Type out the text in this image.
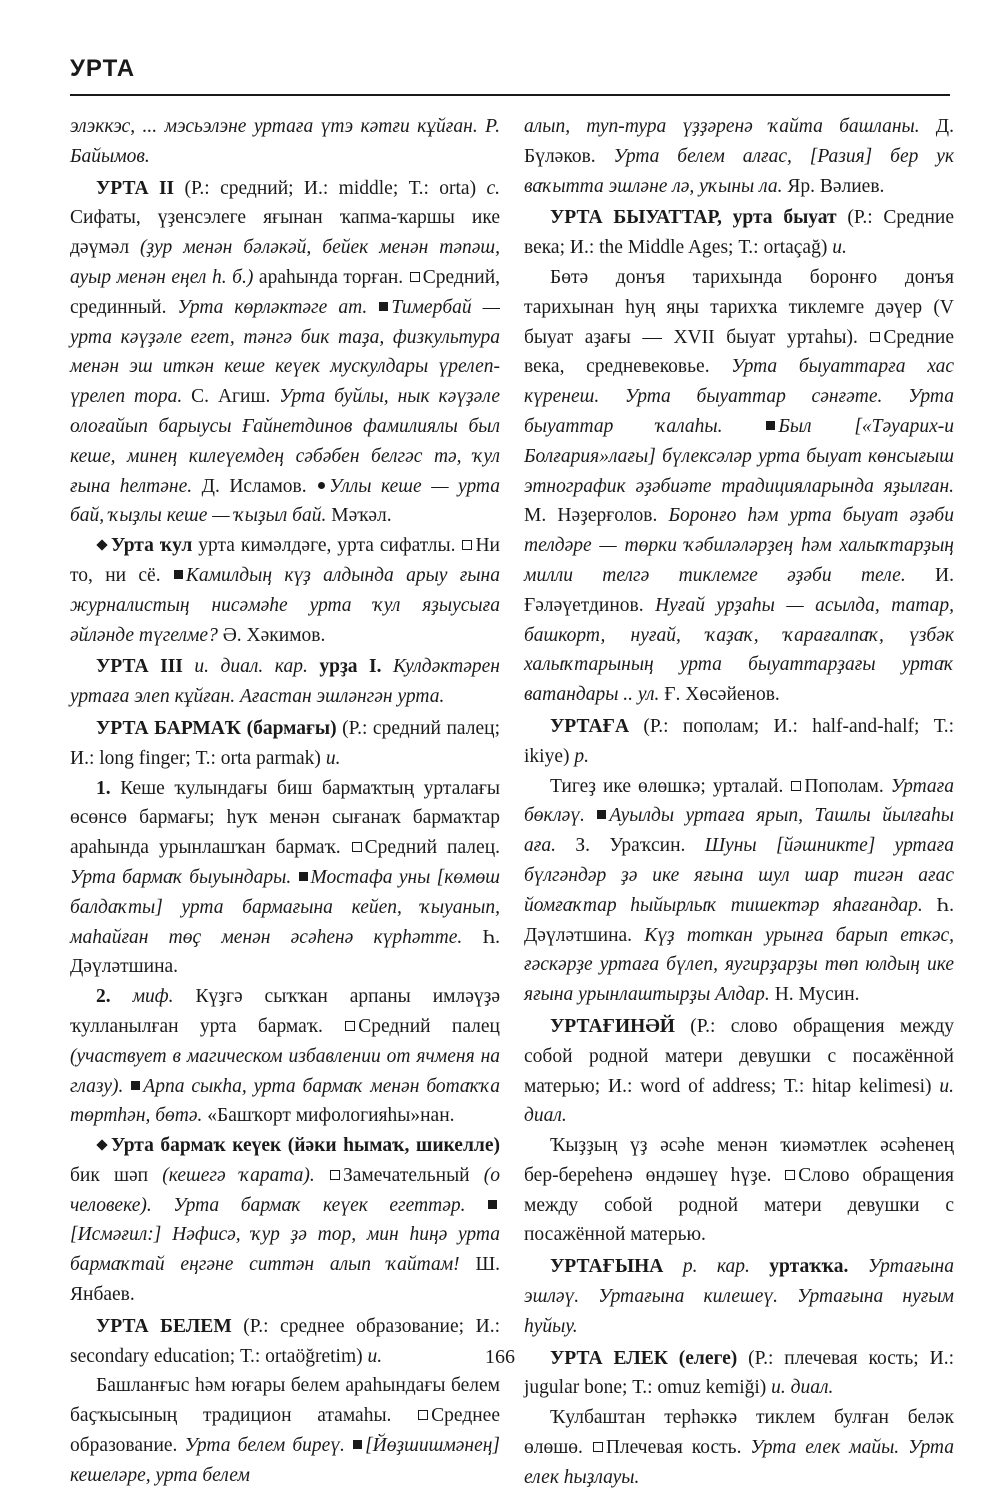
УРТА

элэккэс, ... мэсьэлэне уртаға үтэ кәтғи кұйған. Р. Байымов.

УРТА II (Р.: средний; И.: middle; Т.: orta) с. Сифаты, үҙенсэлеге яғынан ҡапма-ҡаршы ике дәүмәл (ҙур менән бәләкәй, бейек менән тәпәш, ауыр менән еңел һ. б.) араһында торған. Средний, срединный. Урта көрләктәге ат. Тимербай — урта кәүҙәле егет, тәнгә бик таҙа, физкультура менән эш иткән кеше кеүек мускулдары үрелеп-үрелеп тора. С. Агиш. Урта буйлы, нык кәүҙәле олоғайып барыусы Ғайнетдинов фамилиялы был кеше, минең килеүемдең сәбәбен белгәс тә, ҡул ғына һелтәне. Д. Исламов. Уллы кеше — урта бай, ҡыҙлы кеше — ҡыҙыл бай. Мәҡәл.

Урта ҡул урта кимәлдәге, урта сифатлы. Ни то, ни сё. Камилдың күҙ алдында арыу ғына журналистың нисәмәһе урта ҡул яҙыусыға әйләнде түгелме? Ә. Хәкимов.

УРТА III и. диал. кар. урҙа I. Кулдәктәрен уртаға элеп кұйған. Ағастан эшләнгән урта.

УРТА БАРМАҠ (бармағы) (Р.: средний палец; И.: long finger; Т.: orta parmak) и.

1. Кеше ҡулындағы биш бармаҡтың урталағы өсөнсө бармағы; һуҡ менән сығанаҡ бармаҡтар араһында урынлашҡан бармаҡ. Средний палец. Урта бармаҡ быуындары. Мостафа уны [көмөш балдаҡты] урта бармағына кейеп, ҡыуанып, маһайған төҫ менән әсәһенә күрһәтте. Һ. Дәүләтшина.

2. миф. Күҙгә сыҡҡан арпаны имләүҙә ҡулланылған урта бармаҡ. Средний палец (участвует в магическом избавлении от ячменя на глазу). Арпа сыкһа, урта бармаҡ менән ботаҡҡа төртһән, бөтә. «Башҡорт мифологияһы»нан.

Урта бармаҡ кеүек (йәки һымаҡ, шикелле) бик шәп (кешегә ҡарата). Замечательный (о человеке). Урта бармаҡ кеүек егеттәр. [Исмәғил:] Нәфисә, ҡур ҙә тор, мин һиңә урта бармаҡтай еңгәне ситтән алып ҡайтам! Ш. Янбаев.

УРТА БЕЛЕМ (Р.: среднее образование; И.: secondary education; Т.: ortaöğretim) и.

Башланғыс һәм юғары белем араһындағы белем баҫҡысының традицион атамаһы. Среднее образование. Урта белем биреү. [Йөҙшишмәнең] кешеләре, урта белем

алып, туп-тура үҙҙәренә ҡайта башланы. Д. Бүләков. Урта белем алғас, [Разия] бер ук ваҡытта эшләне лә, уҡыны ла. Яр. Вәлиев.

УРТА БЫУАТТАР, урта быуат (Р.: Средние века; И.: the Middle Ages; Т.: ortaçağ) и.

Бөтә донъя тарихында боронғо донъя тарихынан һуң яңы тарихҡа тиклемге дәүер (V быуат аҙағы — XVII быуат уртаһы). Средние века, средневековье. Урта быуаттарға хас күренеш. Урта быуаттар сәнғәте. Урта быуаттар ҡалаһы. Был [«Тәуарих-и Болғария»лағы] бүлексәләр урта быуат көнсығыш этнографик әҙәбиәте традицияларында яҙылған. М. Нәҙерғолов. Боронғо һәм урта быуат әҙәби телдәре — төрки ҡәбиләләрҙең һәм халыҡтарҙың милли телгә тиклемге әҙәби теле. И. Ғәләүетдинов. Нуғай урҙаһы — асылда, татар, башкорт, нуғай, ҡаҙаҡ, ҡарағалпаҡ, үзбәк халыҡтарының урта быуаттарҙағы уртаҡ ватандары .. ул. Ғ. Хөсәйенов.

УРТАҒА (Р.: пополам; И.: half-and-half; Т.: ikiye) р.

Тигеҙ ике өлөшкә; урталай. Пополам. Уртаға бөкләү. Ауылды уртаға ярып, Ташлы йылғаһы аға. З. Ураҡсин. Шуны [йәшникте] уртаға бүлгәндәр ҙә ике яғына шул шар тигән ағас йомғаҡтар һыйырлыҡ тишектәр яһағандар. Һ. Дәүләтшина. Күҙ тоткан урынға барып еткәс, ғәскәрҙе уртаға бүлеп, яугирҙарҙы төп юлдың ике яғына урынлаштырҙы Алдар. Н. Мусин.

УРТАҒИНӘЙ (Р.: слово обращения между собой родной матери девушки с посажённой матерью; И.: word of address; Т.: hitap kelimesi) и. диал.

Ҡыҙҙың үҙ әсәһе менән ҡиәмәтлек әсәһенең бер-береһенә өндәшеү һүҙе. Слово обращения между собой родной матери девушки с посажённой матерью.

УРТАҒЫНА р. кар. уртаҡҡа. Уртағына эшләү. Уртағына килешеү. Уртағына нуғым һуйыу.

УРТА ЕЛЕК (елеге) (Р.: плечевая кость; И.: jugular bone; Т.: omuz kemiği) и. диал.

Ҡулбаштан терһәккә тиклем булған беләк өлөшө. Плечевая кость. Урта елек майы. Урта елек һыҙлауы.

166
